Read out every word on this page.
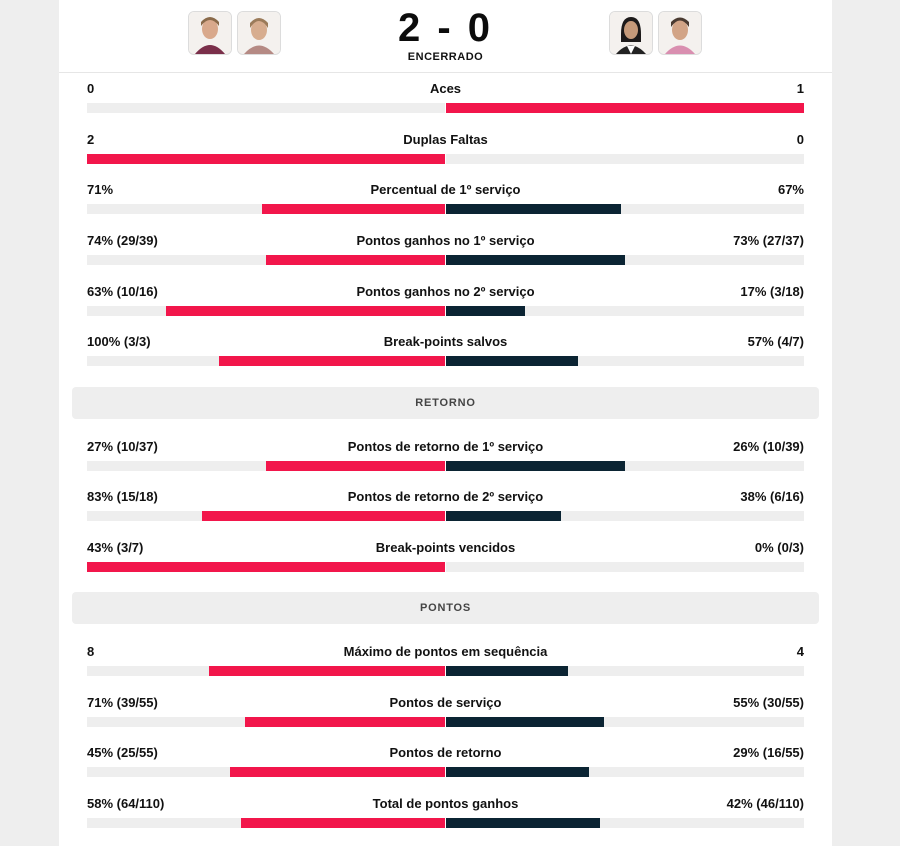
2 - 0
ENCERRADO
0	Aces	1
2	Duplas Faltas	0
71%	Percentual de 1º serviço	67%
74% (29/39)	Pontos ganhos no 1º serviço	73% (27/37)
63% (10/16)	Pontos ganhos no 2º serviço	17% (3/18)
100% (3/3)	Break-points salvos	57% (4/7)
RETORNO
27% (10/37)	Pontos de retorno de 1º serviço	26% (10/39)
83% (15/18)	Pontos de retorno de 2º serviço	38% (6/16)
43% (3/7)	Break-points vencidos	0% (0/3)
PONTOS
8	Máximo de pontos em sequência	4
71% (39/55)	Pontos de serviço	55% (30/55)
45% (25/55)	Pontos de retorno	29% (16/55)
58% (64/110)	Total de pontos ganhos	42% (46/110)
